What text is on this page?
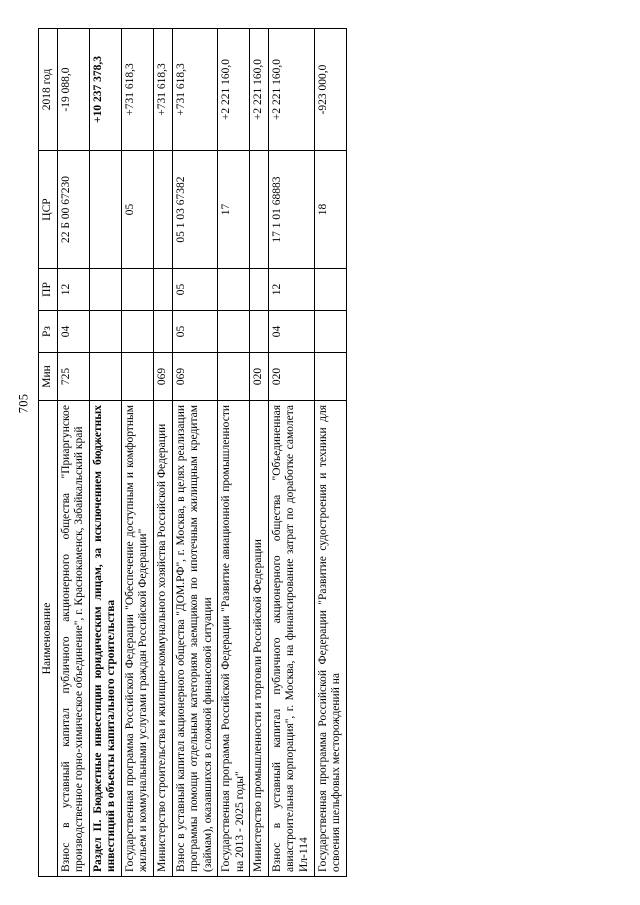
705
Наименование	Мин	Рз	ПР	ЦСР	2018 год
Взнос в уставный капитал публичного акционерного общества "Приаргунское производственное горно-химическое объединение", г. Краснокаменск, Забайкальский край	725	04	12	22 Б 00 67230	-19 088,0
Раздел II. Бюджетные инвестиции юридическим лицам, за исключением бюджетных инвестиций в объекты капитального строительства					+10 237 378,3
Государственная программа Российской Федерации "Обеспечение доступным и комфортным жильем и коммунальными услугами граждан Российской Федерации"				05	+731 618,3
Министерство строительства и жилищно-коммунального хозяйства Российской Федерации	069				+731 618,3
Взнос в уставный капитал акционерного общества "ДОМ.РФ", г. Москва, в целях реализации программы помощи отдельным категориям заемщиков по ипотечным жилищным кредитам (займам), оказавшихся в сложной финансовой ситуации	069	05	05	05 1 03 67382	+731 618,3
Государственная программа Российской Федерации "Развитие авиационной промышленности на 2013 - 2025 годы"				17	+2 221 160,0
Министерство промышленности и торговли Российской Федерации	020				+2 221 160,0
Взнос в уставный капитал публичного акционерного общества "Объединенная авиастроительная корпорация", г. Москва, на финансирование затрат по доработке самолета Ил-114	020	04	12	17 1 01 68883	+2 221 160,0
Государственная программа Российской Федерации "Развитие судостроения и техники для освоения шельфовых месторождений на				18	-923 000,0
